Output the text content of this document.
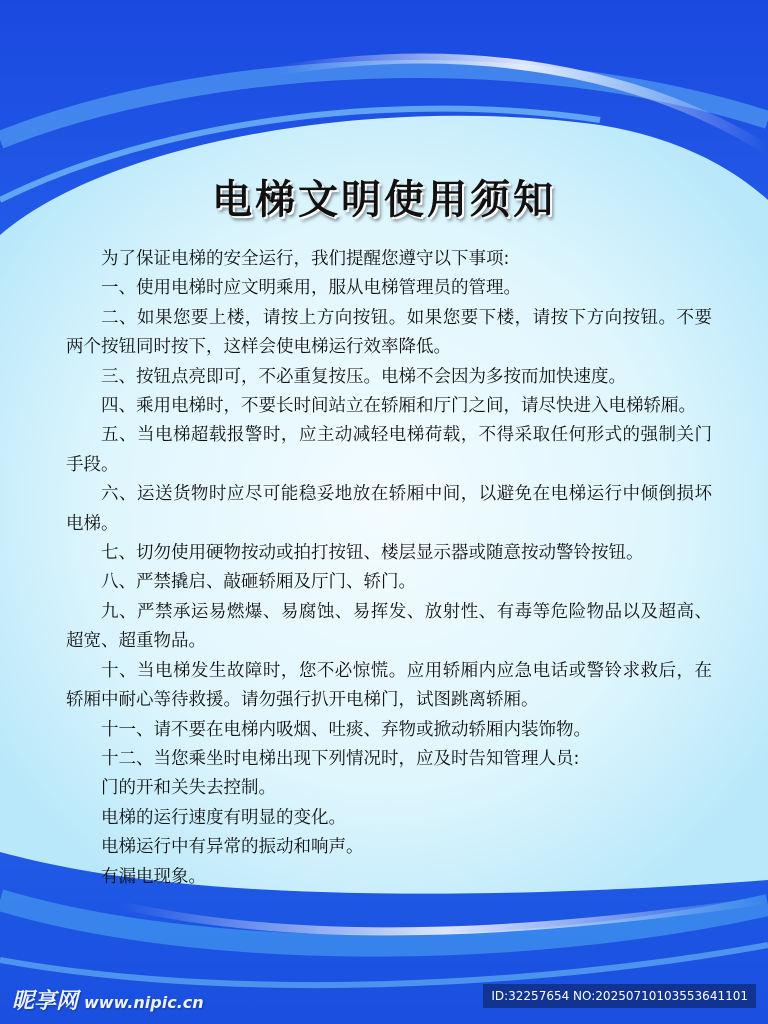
电梯文明使用须知

为了保证电梯的安全运行，我们提醒您遵守以下事项:

一、使用电梯时应文明乘用，服从电梯管理员的管理。

二、如果您要上楼，请按上方向按钮。如果您要下楼，请按下方向按钮。不要两个按钮同时按下，这样会使电梯运行效率降低。

三、按钮点亮即可，不必重复按压。电梯不会因为多按而加快速度。

四、乘用电梯时，不要长时间站立在轿厢和厅门之间，请尽快进入电梯轿厢。

五、当电梯超载报警时，应主动减轻电梯荷载，不得采取任何形式的强制关门手段。

六、运送货物时应尽可能稳妥地放在轿厢中间，以避免在电梯运行中倾倒损坏电梯。

七、切勿使用硬物按动或拍打按钮、楼层显示器或随意按动警铃按钮。

八、严禁撬启、敲砸轿厢及厅门、轿门。

九、严禁承运易燃爆、易腐蚀、易挥发、放射性、有毒等危险物品以及超高、超宽、超重物品。

十、当电梯发生故障时，您不必惊慌。应用轿厢内应急电话或警铃求救后，在轿厢中耐心等待救援。请勿强行扒开电梯门，试图跳离轿厢。

十一、请不要在电梯内吸烟、吐痰、弃物或掀动轿厢内装饰物。

十二、当您乘坐时电梯出现下列情况时，应及时告知管理人员:

门的开和关失去控制。

电梯的运行速度有明显的变化。

电梯运行中有异常的振动和响声。

有漏电现象。

昵享网 www.nipic.cn	ID:32257654 NO:20250710103553641101
